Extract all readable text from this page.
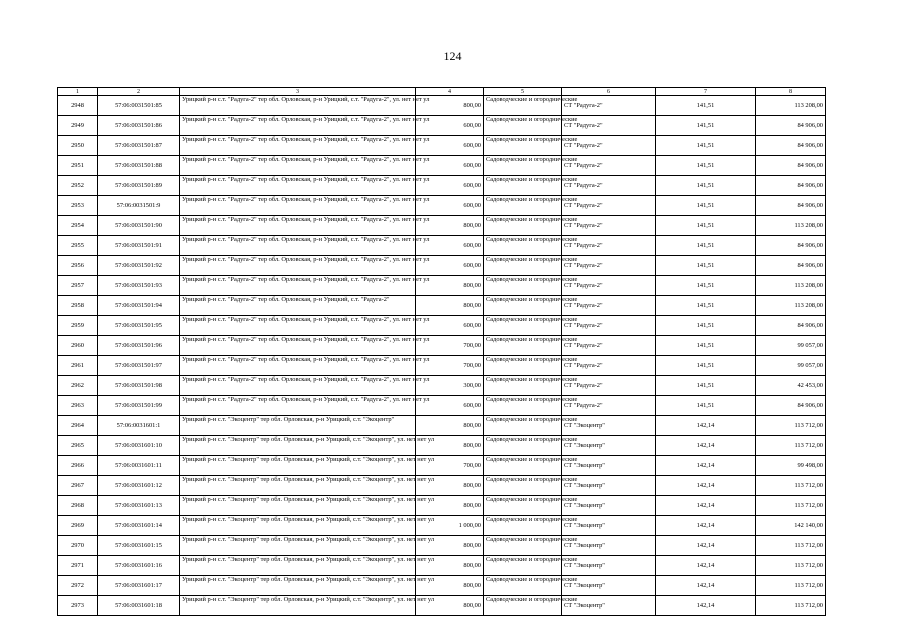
124
1	2	3	4	5	6	7	8
2948	57:06:0031501:85	Урицкий р-н с.т. "Радуга-2" тер обл. Орловская, р-н Урицкий, с.т. "Радуга-2", ул. нет нет ул	800,00	Садоводческие и огороднические	СТ "Радуга-2"	141,51	113 208,00
2949	57:06:0031501:86	Урицкий р-н с.т. "Радуга-2" тер обл. Орловская, р-н Урицкий, с.т. "Радуга-2", ул. нет нет ул	600,00	Садоводческие и огороднические	СТ "Радуга-2"	141,51	84 906,00
2950	57:06:0031501:87	Урицкий р-н с.т. "Радуга-2" тер обл. Орловская, р-н Урицкий, с.т. "Радуга-2", ул. нет нет ул	600,00	Садоводческие и огороднические	СТ "Радуга-2"	141,51	84 906,00
2951	57:06:0031501:88	Урицкий р-н с.т. "Радуга-2" тер обл. Орловская, р-н Урицкий, с.т. "Радуга-2", ул. нет нет ул	600,00	Садоводческие и огороднические	СТ "Радуга-2"	141,51	84 906,00
2952	57:06:0031501:89	Урицкий р-н с.т. "Радуга-2" тер обл. Орловская, р-н Урицкий, с.т. "Радуга-2", ул. нет нет ул	600,00	Садоводческие и огороднические	СТ "Радуга-2"	141,51	84 906,00
2953	57:06:0031501:9	Урицкий р-н с.т. "Радуга-2" тер обл. Орловская, р-н Урицкий, с.т. "Радуга-2", ул. нет нет ул	600,00	Садоводческие и огороднические	СТ "Радуга-2"	141,51	84 906,00
2954	57:06:0031501:90	Урицкий р-н с.т. "Радуга-2" тер обл. Орловская, р-н Урицкий, с.т. "Радуга-2", ул. нет нет ул	800,00	Садоводческие и огороднические	СТ "Радуга-2"	141,51	113 208,00
2955	57:06:0031501:91	Урицкий р-н с.т. "Радуга-2" тер обл. Орловская, р-н Урицкий, с.т. "Радуга-2", ул. нет нет ул	600,00	Садоводческие и огороднические	СТ "Радуга-2"	141,51	84 906,00
2956	57:06:0031501:92	Урицкий р-н с.т. "Радуга-2" тер обл. Орловская, р-н Урицкий, с.т. "Радуга-2", ул. нет нет ул	600,00	Садоводческие и огороднические	СТ "Радуга-2"	141,51	84 906,00
2957	57:06:0031501:93	Урицкий р-н с.т. "Радуга-2" тер обл. Орловская, р-н Урицкий, с.т. "Радуга-2", ул. нет нет ул	800,00	Садоводческие и огороднические	СТ "Радуга-2"	141,51	113 208,00
2958	57:06:0031501:94	Урицкий р-н с.т. "Радуга-2" тер обл. Орловская, р-н Урицкий, с.т. "Радуга-2"	800,00	Садоводческие и огороднические	СТ "Радуга-2"	141,51	113 208,00
2959	57:06:0031501:95	Урицкий р-н с.т. "Радуга-2" тер обл. Орловская, р-н Урицкий, с.т. "Радуга-2", ул. нет нет ул	600,00	Садоводческие и огороднические	СТ "Радуга-2"	141,51	84 906,00
2960	57:06:0031501:96	Урицкий р-н с.т. "Радуга-2" тер обл. Орловская, р-н Урицкий, с.т. "Радуга-2", ул. нет нет ул	700,00	Садоводческие и огороднические	СТ "Радуга-2"	141,51	99 057,00
2961	57:06:0031501:97	Урицкий р-н с.т. "Радуга-2" тер обл. Орловская, р-н Урицкий, с.т. "Радуга-2", ул. нет нет ул	700,00	Садоводческие и огороднические	СТ "Радуга-2"	141,51	99 057,00
2962	57:06:0031501:98	Урицкий р-н с.т. "Радуга-2" тер обл. Орловская, р-н Урицкий, с.т. "Радуга-2", ул. нет нет ул	300,00	Садоводческие и огороднические	СТ "Радуга-2"	141,51	42 453,00
2963	57:06:0031501:99	Урицкий р-н с.т. "Радуга-2" тер обл. Орловская, р-н Урицкий, с.т. "Радуга-2", ул. нет нет ул	600,00	Садоводческие и огороднические	СТ "Радуга-2"	141,51	84 906,00
2964	57:06:0031601:1	Урицкий р-н с.т. "Экоцентр" тер обл. Орловская, р-н Урицкий, с.т. "Экоцентр"	800,00	Садоводческие и огороднические	СТ "Экоцентр"	142,14	113 712,00
2965	57:06:0031601:10	Урицкий р-н с.т. "Экоцентр" тер обл. Орловская, р-н Урицкий, с.т. "Экоцентр", ул. нет нет ул	800,00	Садоводческие и огороднические	СТ "Экоцентр"	142,14	113 712,00
2966	57:06:0031601:11	Урицкий р-н с.т. "Экоцентр" тер обл. Орловская, р-н Урицкий, с.т. "Экоцентр", ул. нет нет ул	700,00	Садоводческие и огороднические	СТ "Экоцентр"	142,14	99 498,00
2967	57:06:0031601:12	Урицкий р-н с.т. "Экоцентр" тер обл. Орловская, р-н Урицкий, с.т. "Экоцентр", ул. нет нет ул	800,00	Садоводческие и огороднические	СТ "Экоцентр"	142,14	113 712,00
2968	57:06:0031601:13	Урицкий р-н с.т. "Экоцентр" тер обл. Орловская, р-н Урицкий, с.т. "Экоцентр", ул. нет нет ул	800,00	Садоводческие и огороднические	СТ "Экоцентр"	142,14	113 712,00
2969	57:06:0031601:14	Урицкий р-н с.т. "Экоцентр" тер обл. Орловская, р-н Урицкий, с.т. "Экоцентр", ул. нет нет ул	1 000,00	Садоводческие и огороднические	СТ "Экоцентр"	142,14	142 140,00
2970	57:06:0031601:15	Урицкий р-н с.т. "Экоцентр" тер обл. Орловская, р-н Урицкий, с.т. "Экоцентр", ул. нет нет ул	800,00	Садоводческие и огороднические	СТ "Экоцентр"	142,14	113 712,00
2971	57:06:0031601:16	Урицкий р-н с.т. "Экоцентр" тер обл. Орловская, р-н Урицкий, с.т. "Экоцентр", ул. нет нет ул	800,00	Садоводческие и огороднические	СТ "Экоцентр"	142,14	113 712,00
2972	57:06:0031601:17	Урицкий р-н с.т. "Экоцентр" тер обл. Орловская, р-н Урицкий, с.т. "Экоцентр", ул. нет нет ул	800,00	Садоводческие и огороднические	СТ "Экоцентр"	142,14	113 712,00
2973	57:06:0031601:18	Урицкий р-н с.т. "Экоцентр" тер обл. Орловская, р-н Урицкий, с.т. "Экоцентр", ул. нет нет ул	800,00	Садоводческие и огороднические	СТ "Экоцентр"	142,14	113 712,00
